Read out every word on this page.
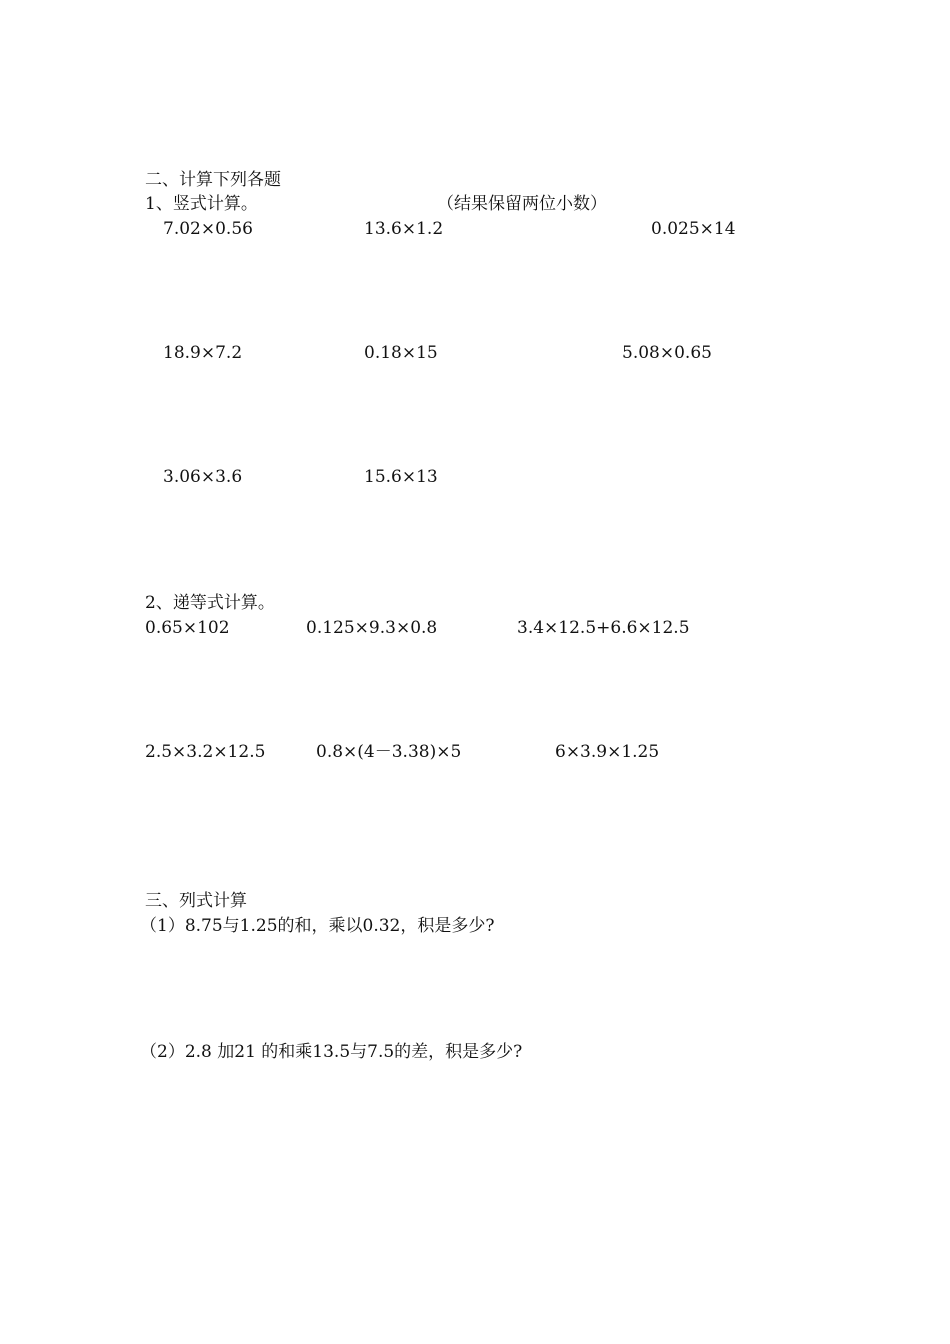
二、计算下列各题
1、竖式计算。	（结果保留两位小数）
7.02×0.56	13.6×1.2	0.025×14
18.9×7.2	0.18×15	5.08×0.65
3.06×3.6	15.6×13
2、递等式计算。
0.65×102	0.125×9.3×0.8	3.4×12.5+6.6×12.5
2.5×3.2×12.5	0.8×(4－3.38)×5	6×3.9×1.25
三、列式计算
（1）8.75与1.25的和，乘以0.32，积是多少?
（2）2.8 加21 的和乘13.5与7.5的差，积是多少?
